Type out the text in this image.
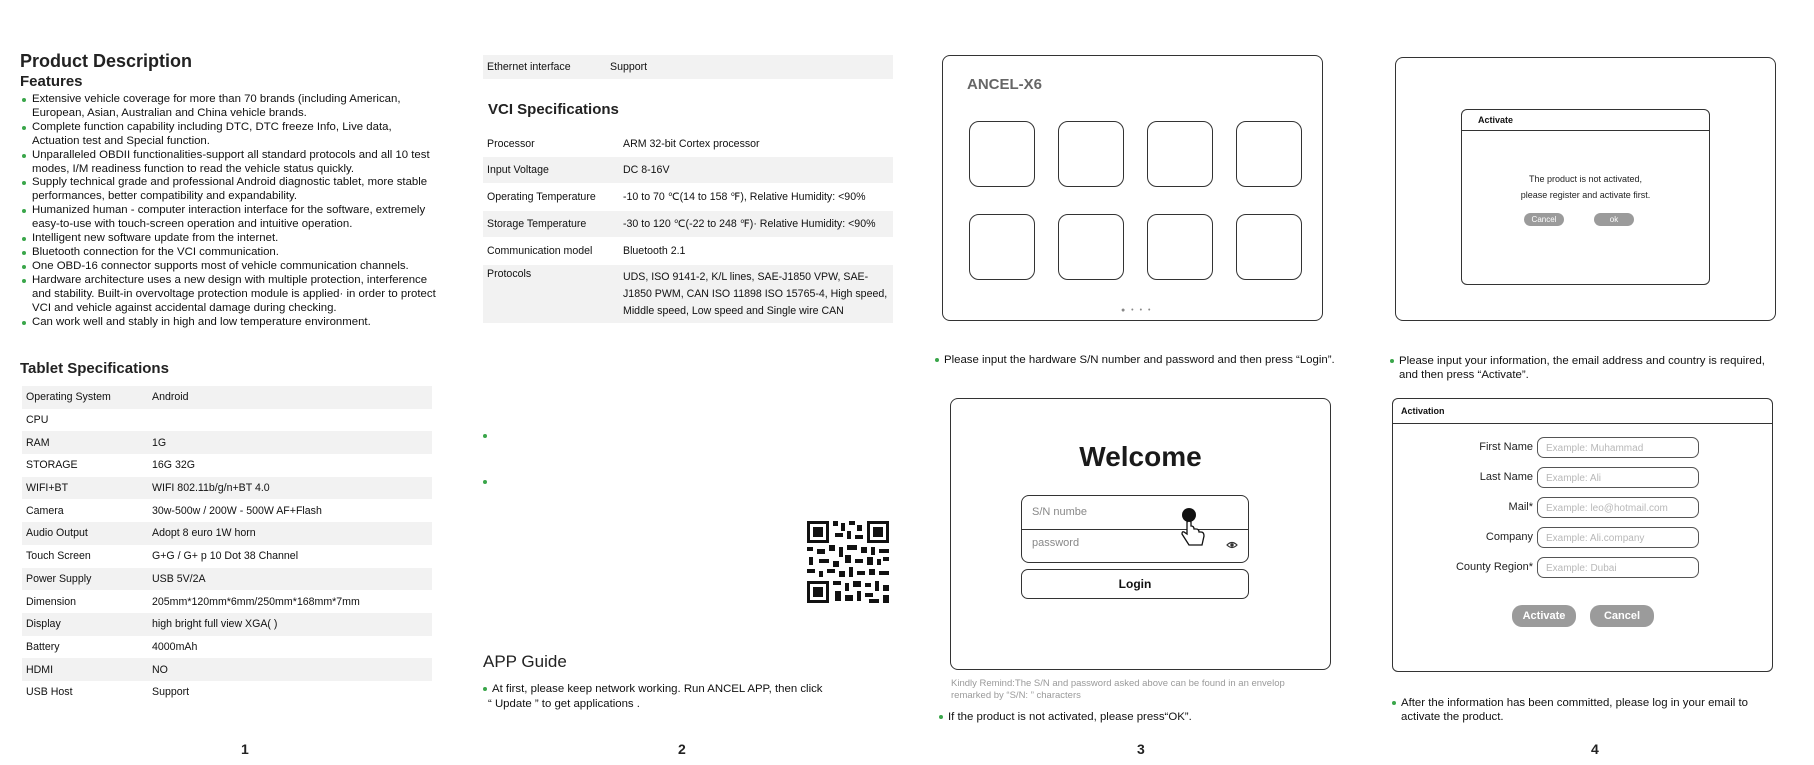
Product Description
Features
Extensive vehicle coverage for more than 70 brands (including American, European, Asian, Australian and China vehicle brands.
Complete function capability including DTC, DTC freeze Info, Live data, Actuation test and Special function.
Unparalleled OBDII functionalities-support all standard protocols and all 10 test modes, I/M readiness function to read the vehicle status quickly.
Supply technical grade and professional Android diagnostic tablet, more stable performances, better compatibility and expandability.
Humanized human - computer interaction interface for the software, extremely easy-to-use with touch-screen operation and intuitive operation.
Intelligent new software update from the internet.
Bluetooth connection for the VCI communication.
One OBD-16 connector supports most of vehicle communication channels.
Hardware architecture uses a new design with multiple protection, interference and stability. Built-in overvoltage protection module is applied· in order to protect VCI and vehicle against accidental damage during checking.
Can work well and stably in high and low temperature environment.
Tablet Specifications
Operating System	Android
CPU	
RAM	1G
STORAGE	16G 32G
WIFI+BT	WIFI 802.11b/g/n+BT 4.0
Camera	30w-500w / 200W - 500W AF+Flash
Audio Output	Adopt 8 euro 1W horn
Touch Screen	G+G / G+ p 10 Dot 38 Channel
Power Supply	USB 5V/2A
Dimension	205mm*120mm*6mm/250mm*168mm*7mm
Display	high bright full view XGA( )
Battery	4000mAh
HDMI	NO
USB Host	Support
1
Ethernet interface	Support
VCI Specifications
Processor	ARM 32-bit Cortex processor
Input Voltage	DC 8-16V
Operating Temperature	-10 to 70 ℃(14 to 158 ℉), Relative Humidity: <90%
Storage Temperature	-30 to 120 ℃(-22 to 248 ℉)· Relative Humidity: <90%
Communication model	Bluetooth 2.1
Protocols	UDS, ISO 9141-2, K/L lines, SAE-J1850 VPW, SAE-J1850 PWM, CAN ISO 11898 ISO 15765-4, High speed, Middle speed, Low speed and Single wire CAN
APP Guide
At first, please keep network working. Run ANCEL APP, then click
“ Update ” to get applications .
2
ANCEL-X6
● • • •
Please input the hardware S/N number and password and then press “Login”.
Welcome
S/N numbe
password
Login
Kindly Remind:The S/N and password asked above can be found in an envelop
remarked by “S/N: ” characters
If the product is not activated, please press“OK”.
3
Activate
The product is not activated,
please register and activate first.
Cancel	ok
Please input your information, the email address and country is required,
and then press “Activate”.
Activation
First Name	Example: Muhammad
Last Name	Example: Ali
Mail*	Example: leo@hotmail.com
Company	Example: Ali.company
County Region*	Example: Dubai
Activate	Cancel
After the information has been committed, please log in your email to
activate the product.
4
